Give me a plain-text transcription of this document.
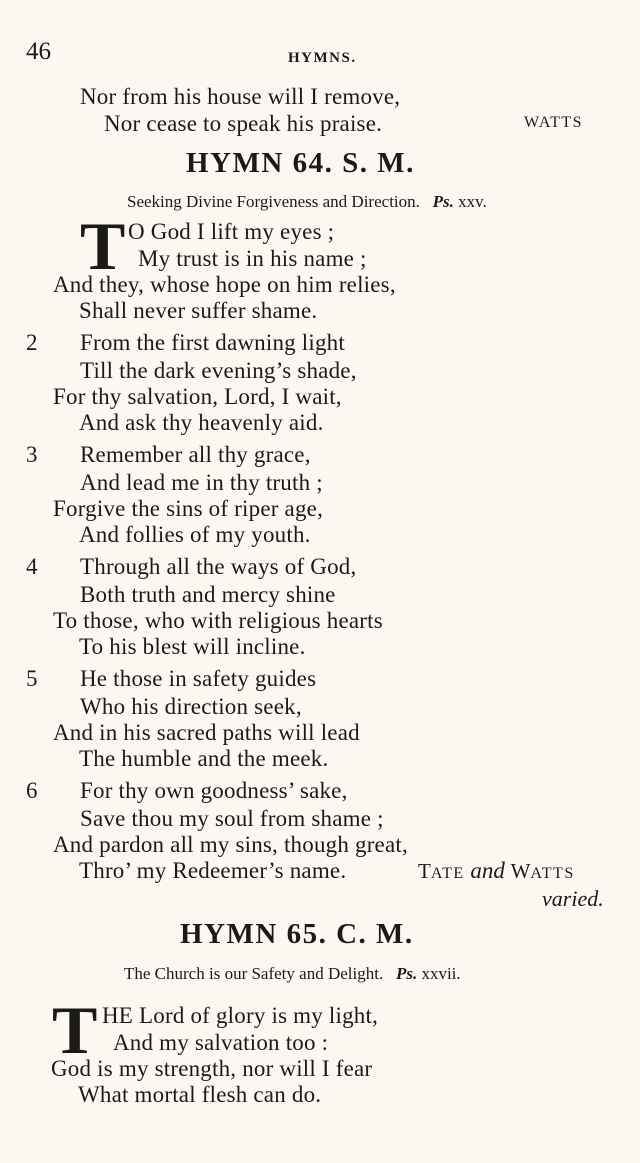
46	HYMNS.
Nor from his house will I remove,
Nor cease to speak his praise.	WATTS
HYMN 64. S. M.
Seeking Divine Forgiveness and Direction. Ps. xxv.
T O God I lift my eyes ;
My trust is in his name ;
And they, whose hope on him relies,
Shall never suffer shame.
2 From the first dawning light
Till the dark evening’s shade,
For thy salvation, Lord, I wait,
And ask thy heavenly aid.
3 Remember all thy grace,
And lead me in thy truth ;
Forgive the sins of riper age,
And follies of my youth.
4 Through all the ways of God,
Both truth and mercy shine
To those, who with religious hearts
To his blest will incline.
5 He those in safety guides
Who his direction seek,
And in his sacred paths will lead
The humble and the meek.
6 For thy own goodness’ sake,
Save thou my soul from shame ;
And pardon all my sins, though great,
Thro’ my Redeemer’s name.	TATE and WATTS
varied.
HYMN 65. C. M.
The Church is our Safety and Delight. Ps. xxvii.
T HE Lord of glory is my light,
And my salvation too :
God is my strength, nor will I fear
What mortal flesh can do.
